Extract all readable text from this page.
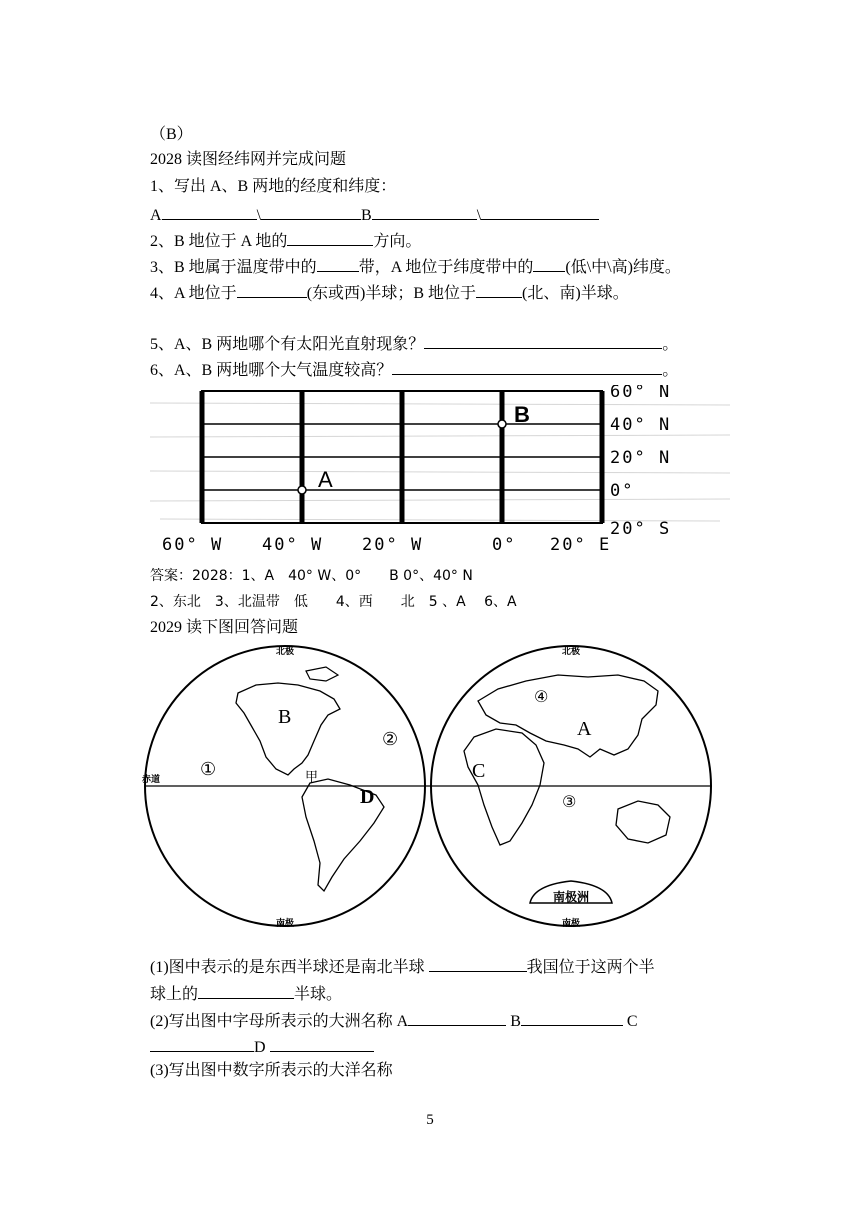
（B）
2028 读图经纬网并完成问题
1、写出 A、B 两地的经度和纬度：
A	\	B	\
2、B 地位于 A 地的	方向。
3、B 地属于温度带中的	带，A 地位于纬度带中的 (低\中\高)纬度。
4、A 地位于	(东或西)半球；B 地位于	(北、南)半球。
5、A、B 两地哪个有太阳光直射现象？	。
6、A、B 两地哪个大气温度较高？	。
A
B
60° N
40° N
20° N
0°
20° S
60° W 40° W 20° W	0° 20° E
答案：2028：1、A　40° W、0°　　B 0°、40° N
2、东北　3、北温带　低　　4、西　　北　5 、A　 6、A
2029 读下图回答问题
南极洲
北极	北极
南极	南极
赤道	甲
A
B
C
D
①
②
③
④
(1)图中表示的是东西半球还是南北半球	我国位于这两个半
球上的	半球。
(2)写出图中字母所表示的大洲名称 A	B	C
D
(3)写出图中数字所表示的大洋名称
5
